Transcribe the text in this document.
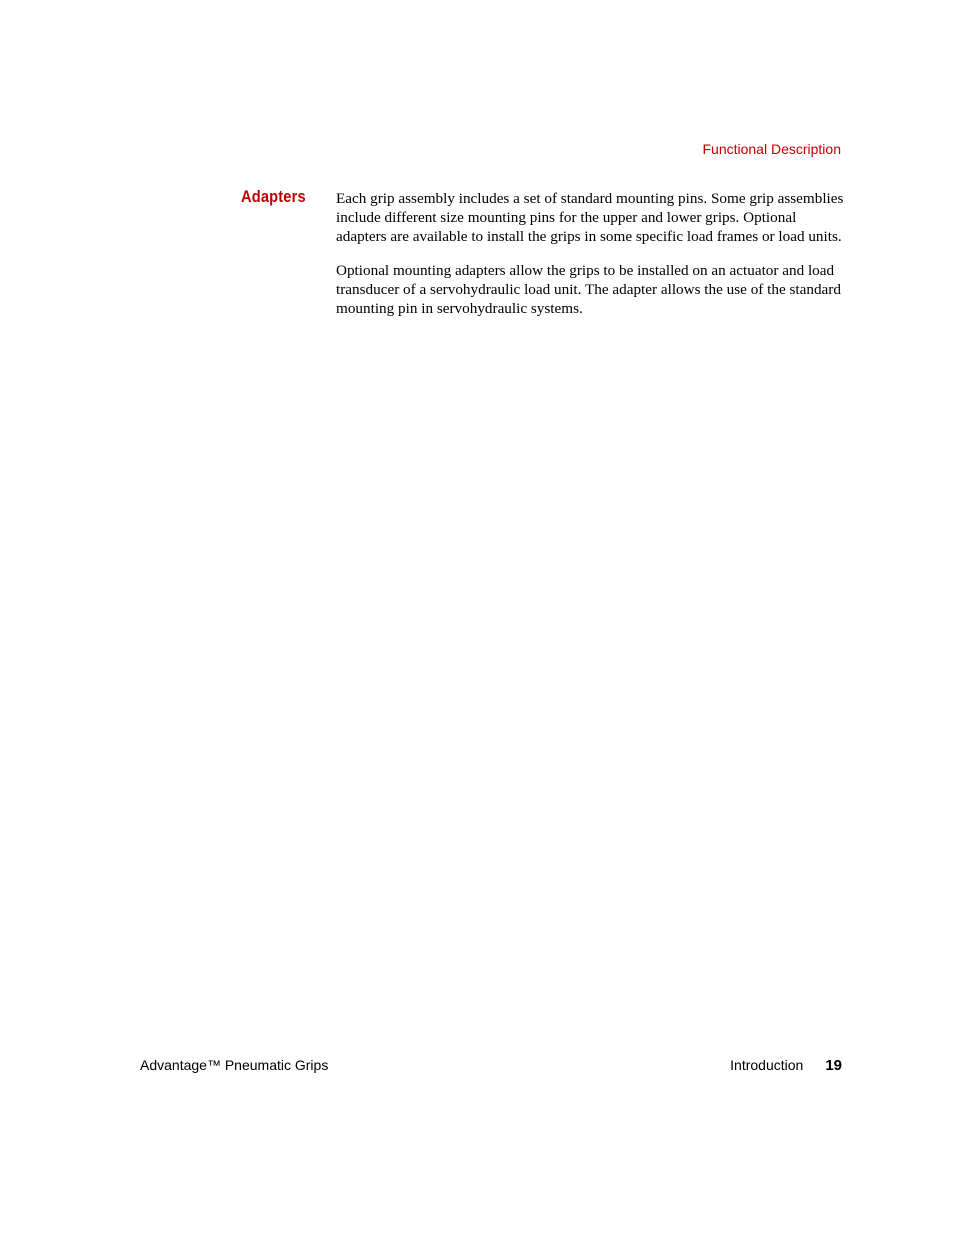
Functional Description
Adapters Each grip assembly includes a set of standard mounting pins. Some grip assemblies include different size mounting pins for the upper and lower grips. Optional adapters are available to install the grips in some specific load frames or load units.

Optional mounting adapters allow the grips to be installed on an actuator and load transducer of a servohydraulic load unit. The adapter allows the use of the standard mounting pin in servohydraulic systems.

Advantage™ Pneumatic Grips	Introduction 19
